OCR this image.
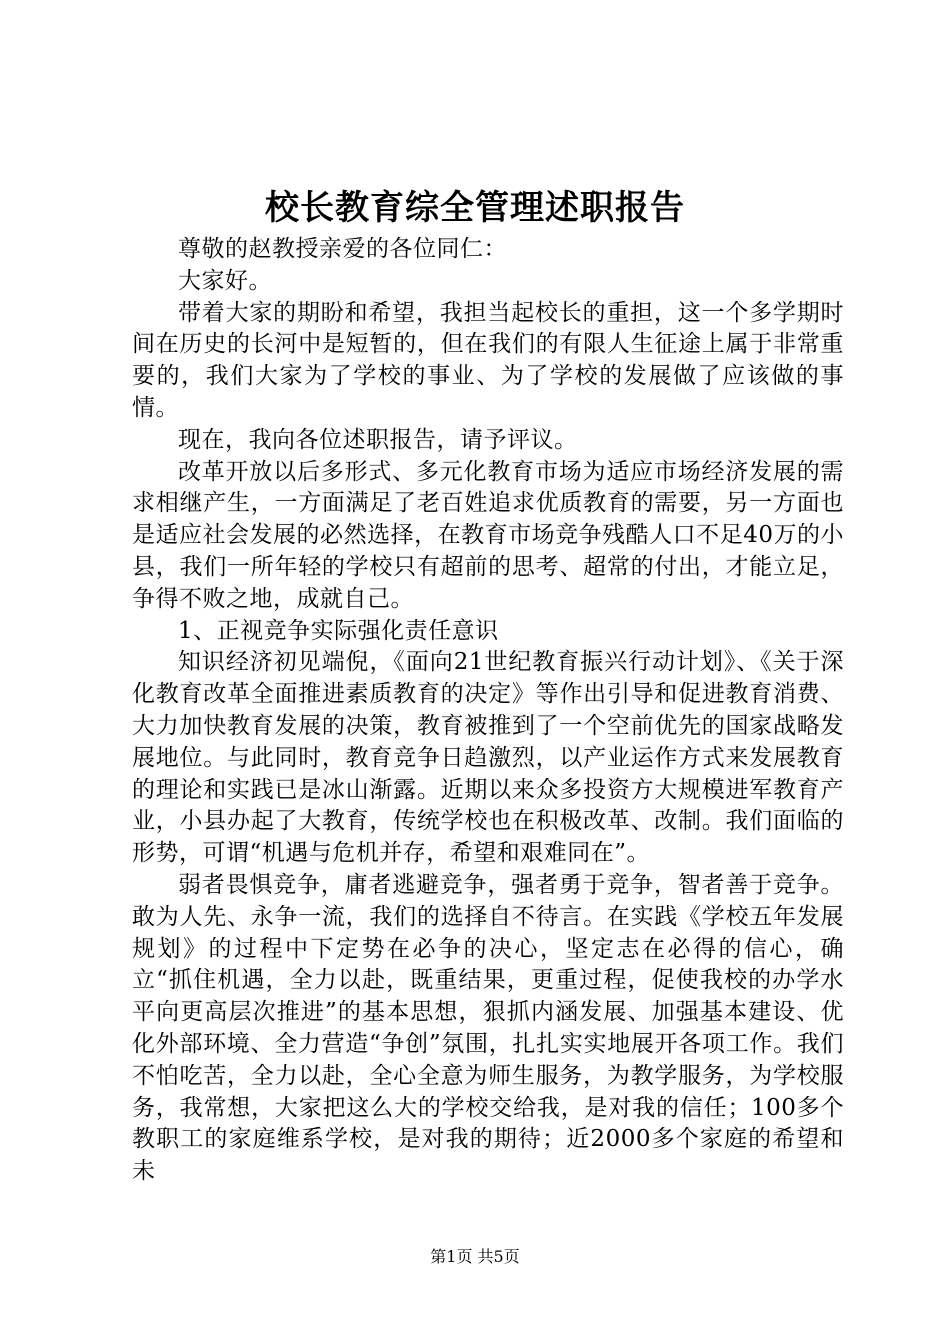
校长教育综全管理述职报告

尊敬的赵教授亲爱的各位同仁：

大家好。

带着大家的期盼和希望，我担当起校长的重担，这一个多学期时间在历史的长河中是短暂的，但在我们的有限人生征途上属于非常重要的，我们大家为了学校的事业、为了学校的发展做了应该做的事情。

现在，我向各位述职报告，请予评议。

改革开放以后多形式、多元化教育市场为适应市场经济发展的需求相继产生，一方面满足了老百姓追求优质教育的需要，另一方面也是适应社会发展的必然选择，在教育市场竞争残酷人口不足40万的小县，我们一所年轻的学校只有超前的思考、超常的付出，才能立足，争得不败之地，成就自己。

1、正视竞争实际强化责任意识

知识经济初见端倪，《面向21世纪教育振兴行动计划》、《关于深化教育改革全面推进素质教育的决定》等作出引导和促进教育消费、大力加快教育发展的决策，教育被推到了一个空前优先的国家战略发展地位。与此同时，教育竞争日趋激烈，以产业运作方式来发展教育的理论和实践已是冰山渐露。近期以来众多投资方大规模进军教育产业，小县办起了大教育，传统学校也在积极改革、改制。我们面临的形势，可谓“机遇与危机并存，希望和艰难同在”。

弱者畏惧竞争，庸者逃避竞争，强者勇于竞争，智者善于竞争。敢为人先、永争一流，我们的选择自不待言。在实践《学校五年发展规划》的过程中下定势在必争的决心，坚定志在必得的信心，确立“抓住机遇，全力以赴，既重结果，更重过程，促使我校的办学水平向更高层次推进”的基本思想，狠抓内涵发展、加强基本建设、优化外部环境、全力营造“争创”氛围，扎扎实实地展开各项工作。我们不怕吃苦，全力以赴，全心全意为师生服务，为教学服务，为学校服务，我常想，大家把这么大的学校交给我，是对我的信任；100多个教职工的家庭维系学校，是对我的期待；近2000多个家庭的希望和未

第1页 共5页
